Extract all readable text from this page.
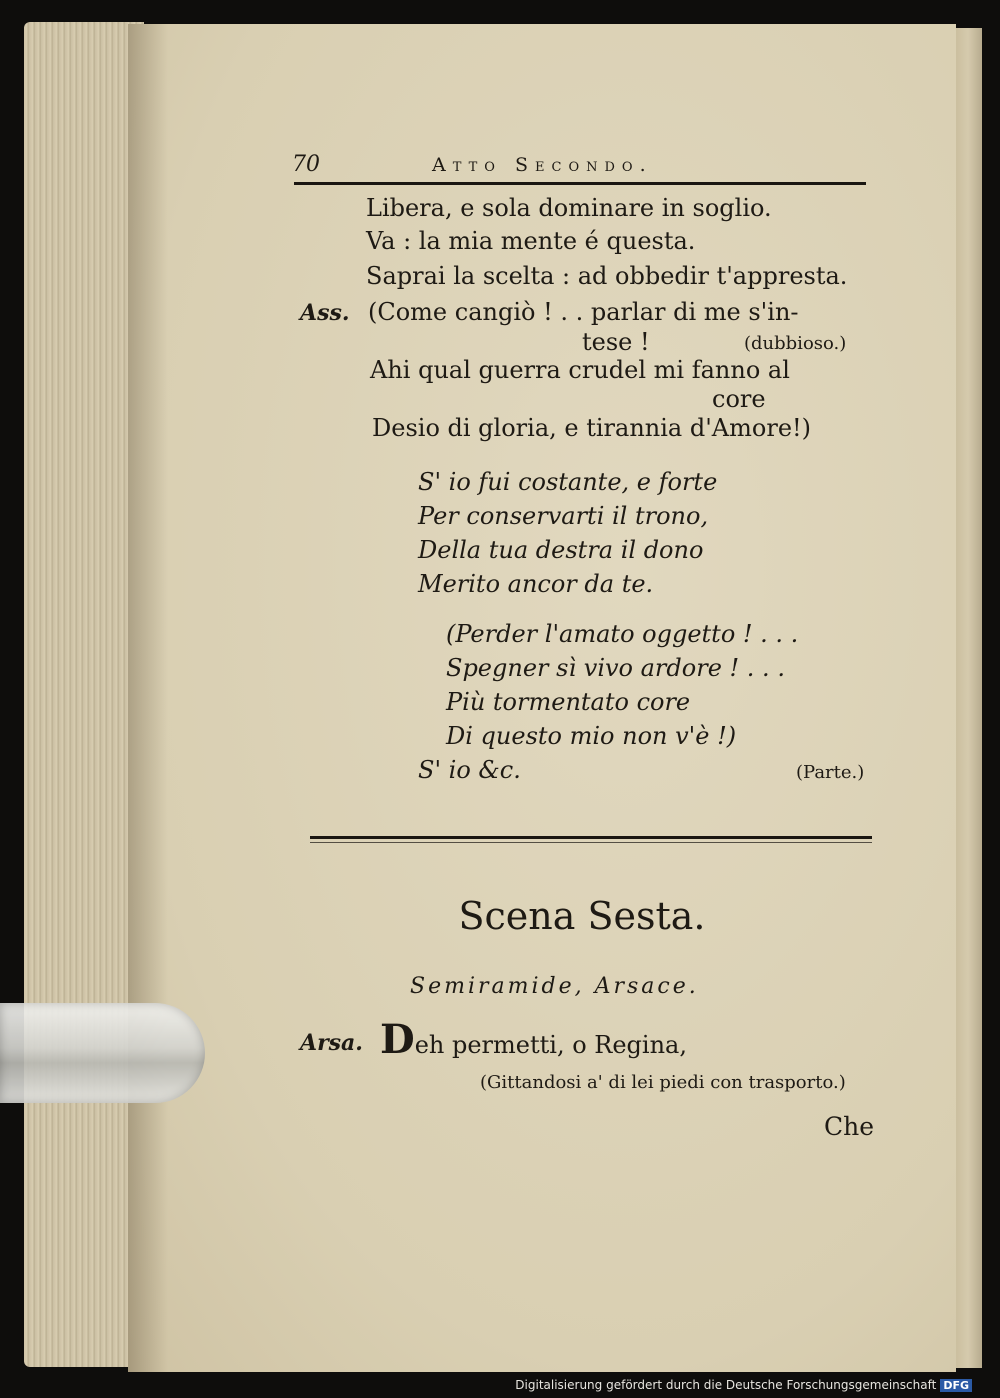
70	Atto Secondo.
Libera, e sola dominare in soglio.
Va : la mia mente é questa.
Saprai la scelta : ad obbedir t'appresta.
Ass. (Come cangiò ! . . parlar di me s'in-
tese !	(dubbioso.)
Ahi qual guerra crudel mi fanno al
core
Desio di gloria, e tirannia d'Amore!)
S' io fui costante, e forte
Per conservarti il trono,
Della tua destra il dono
Merito ancor da te.
(Perder l'amato oggetto ! . . .
Spegner sì vivo ardore ! . . .
Più tormentato core
Di questo mio non v'è !)
S' io &c.	(Parte.)
Scena Sesta.
Semiramide, Arsace.
Arsa. Deh permetti, o Regina,
(Gittandosi a' di lei piedi con trasporto.)
Che
Digitalisierung gefördert durch die Deutsche Forschungsgemeinschaft DFG
